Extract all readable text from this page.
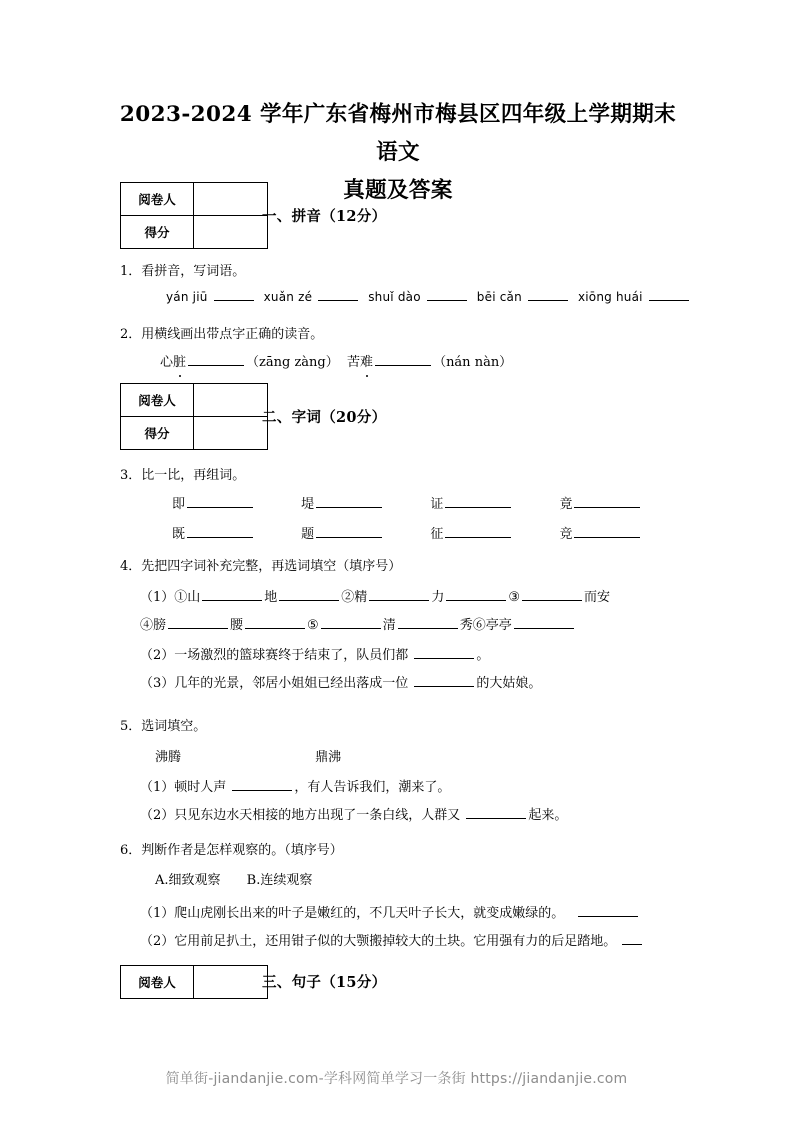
2023-2024 学年广东省梅州市梅县区四年级上学期期末语文
真题及答案
阅卷人	
得分	
一、拼音（12分）
1．看拼音，写词语。
yán jiū	xuǎn zé	shuǐ dào	bēi cǎn	xiōng huái
2．用横线画出带点字正确的读音。
心脏	（zāng zàng） 苦难	（nán nàn）
阅卷人	
得分	
二、字词（20分）
3．比一比，再组词。
即	堤	证	竟
既	题	征	竞
4．先把四字词补充完整，再选词填空（填序号）
（1）①山	地	②精	力	③	而安
④膀	腰	⑤	清	秀⑥亭亭
（2）一场激烈的篮球赛终于结束了，队员们都	。
（3）几年的光景，邻居小姐姐已经出落成一位	的大姑娘。
5．选词填空。
沸腾	鼎沸
（1）顿时人声	，有人告诉我们，潮来了。
（2）只见东边水天相接的地方出现了一条白线，人群又	起来。
6．判断作者是怎样观察的。（填序号）
A.细致观察 B.连续观察
（1）爬山虎刚长出来的叶子是嫩红的，不几天叶子长大，就变成嫩绿的。
（2）它用前足扒土，还用钳子似的大颚搬掉较大的土块。它用强有力的后足踏地。
阅卷人		三、句子（15分）
简单街-jiandanjie.com-学科网简单学习一条街 https://jiandanjie.com
